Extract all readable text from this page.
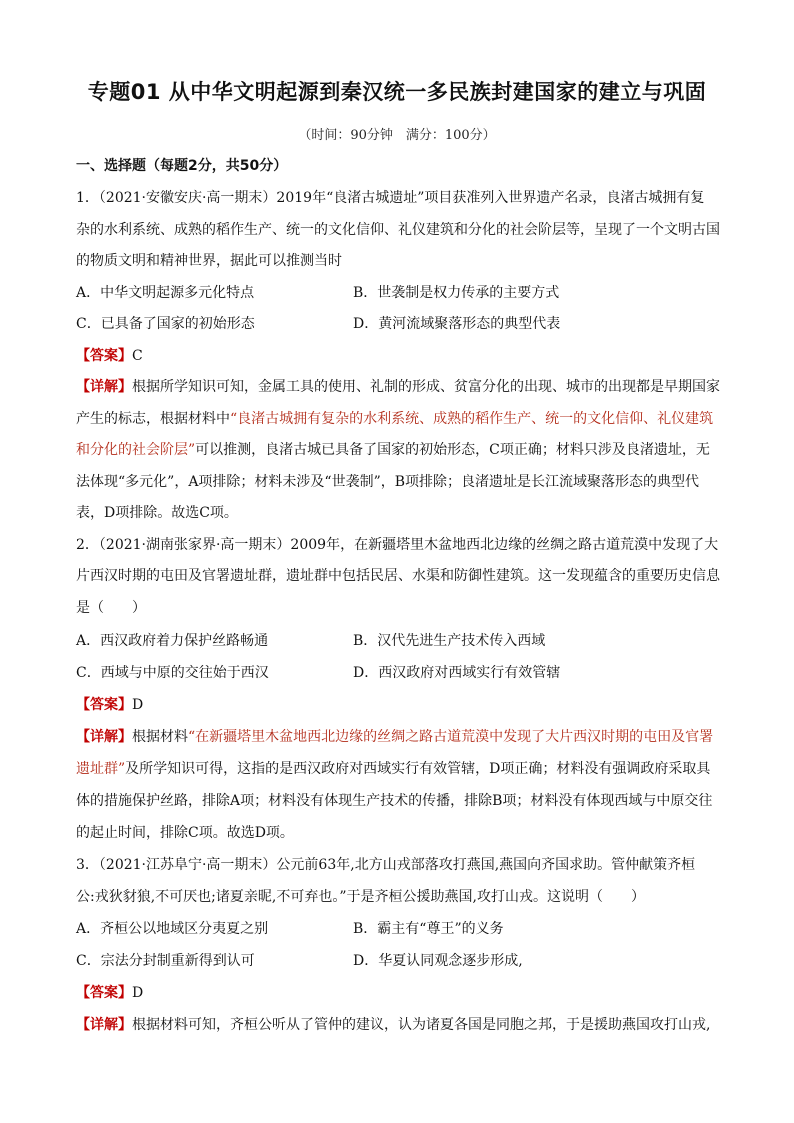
专题01 从中华文明起源到秦汉统一多民族封建国家的建立与巩固
（时间：90分钟　满分：100分）
一、选择题（每题2分，共50分）
1．（2021·安徽安庆·高一期末）2019年“良渚古城遗址”项目获准列入世界遗产名录，良渚古城拥有复
杂的水利系统、成熟的稻作生产、统一的文化信仰、礼仪建筑和分化的社会阶层等，呈现了一个文明古国
的物质文明和精神世界，据此可以推测当时
A．中华文明起源多元化特点	B．世袭制是权力传承的主要方式
C．已具备了国家的初始形态	D．黄河流域聚落形态的典型代表
【答案】C
【详解】根据所学知识可知，金属工具的使用、礼制的形成、贫富分化的出现、城市的出现都是早期国家
产生的标志，根据材料中“良渚古城拥有复杂的水利系统、成熟的稻作生产、统一的文化信仰、礼仪建筑
和分化的社会阶层”可以推测，良渚古城已具备了国家的初始形态，C项正确；材料只涉及良渚遗址，无
法体现“多元化”，A项排除；材料未涉及“世袭制”，B项排除；良渚遗址是长江流域聚落形态的典型代
表，D项排除。故选C项。
2．（2021·湖南张家界·高一期末）2009年，在新疆塔里木盆地西北边缘的丝绸之路古道荒漠中发现了大
片西汉时期的屯田及官署遗址群，遗址群中包括民居、水渠和防御性建筑。这一发现蕴含的重要历史信息
是（　　）
A．西汉政府着力保护丝路畅通	B．汉代先进生产技术传入西域
C．西域与中原的交往始于西汉	D．西汉政府对西域实行有效管辖
【答案】D
【详解】根据材料“在新疆塔里木盆地西北边缘的丝绸之路古道荒漠中发现了大片西汉时期的屯田及官署
遗址群”及所学知识可得，这指的是西汉政府对西域实行有效管辖，D项正确；材料没有强调政府采取具
体的措施保护丝路，排除A项；材料没有体现生产技术的传播，排除B项；材料没有体现西域与中原交往
的起止时间，排除C项。故选D项。
3．（2021·江苏阜宁·高一期末）公元前63年,北方山戎部落攻打燕国,燕国向齐国求助。管仲献策齐桓
公:戎狄豺狼,不可厌也;诸夏亲昵,不可弃也。”于是齐桓公援助燕国,攻打山戎。这说明（　　）
A．齐桓公以地域区分夷夏之别	B．霸主有“尊王”的义务
C．宗法分封制重新得到认可	D．华夏认同观念逐步形成,
【答案】D
【详解】根据材料可知，齐桓公听从了管仲的建议，认为诸夏各国是同胞之邦，于是援助燕国攻打山戎,
